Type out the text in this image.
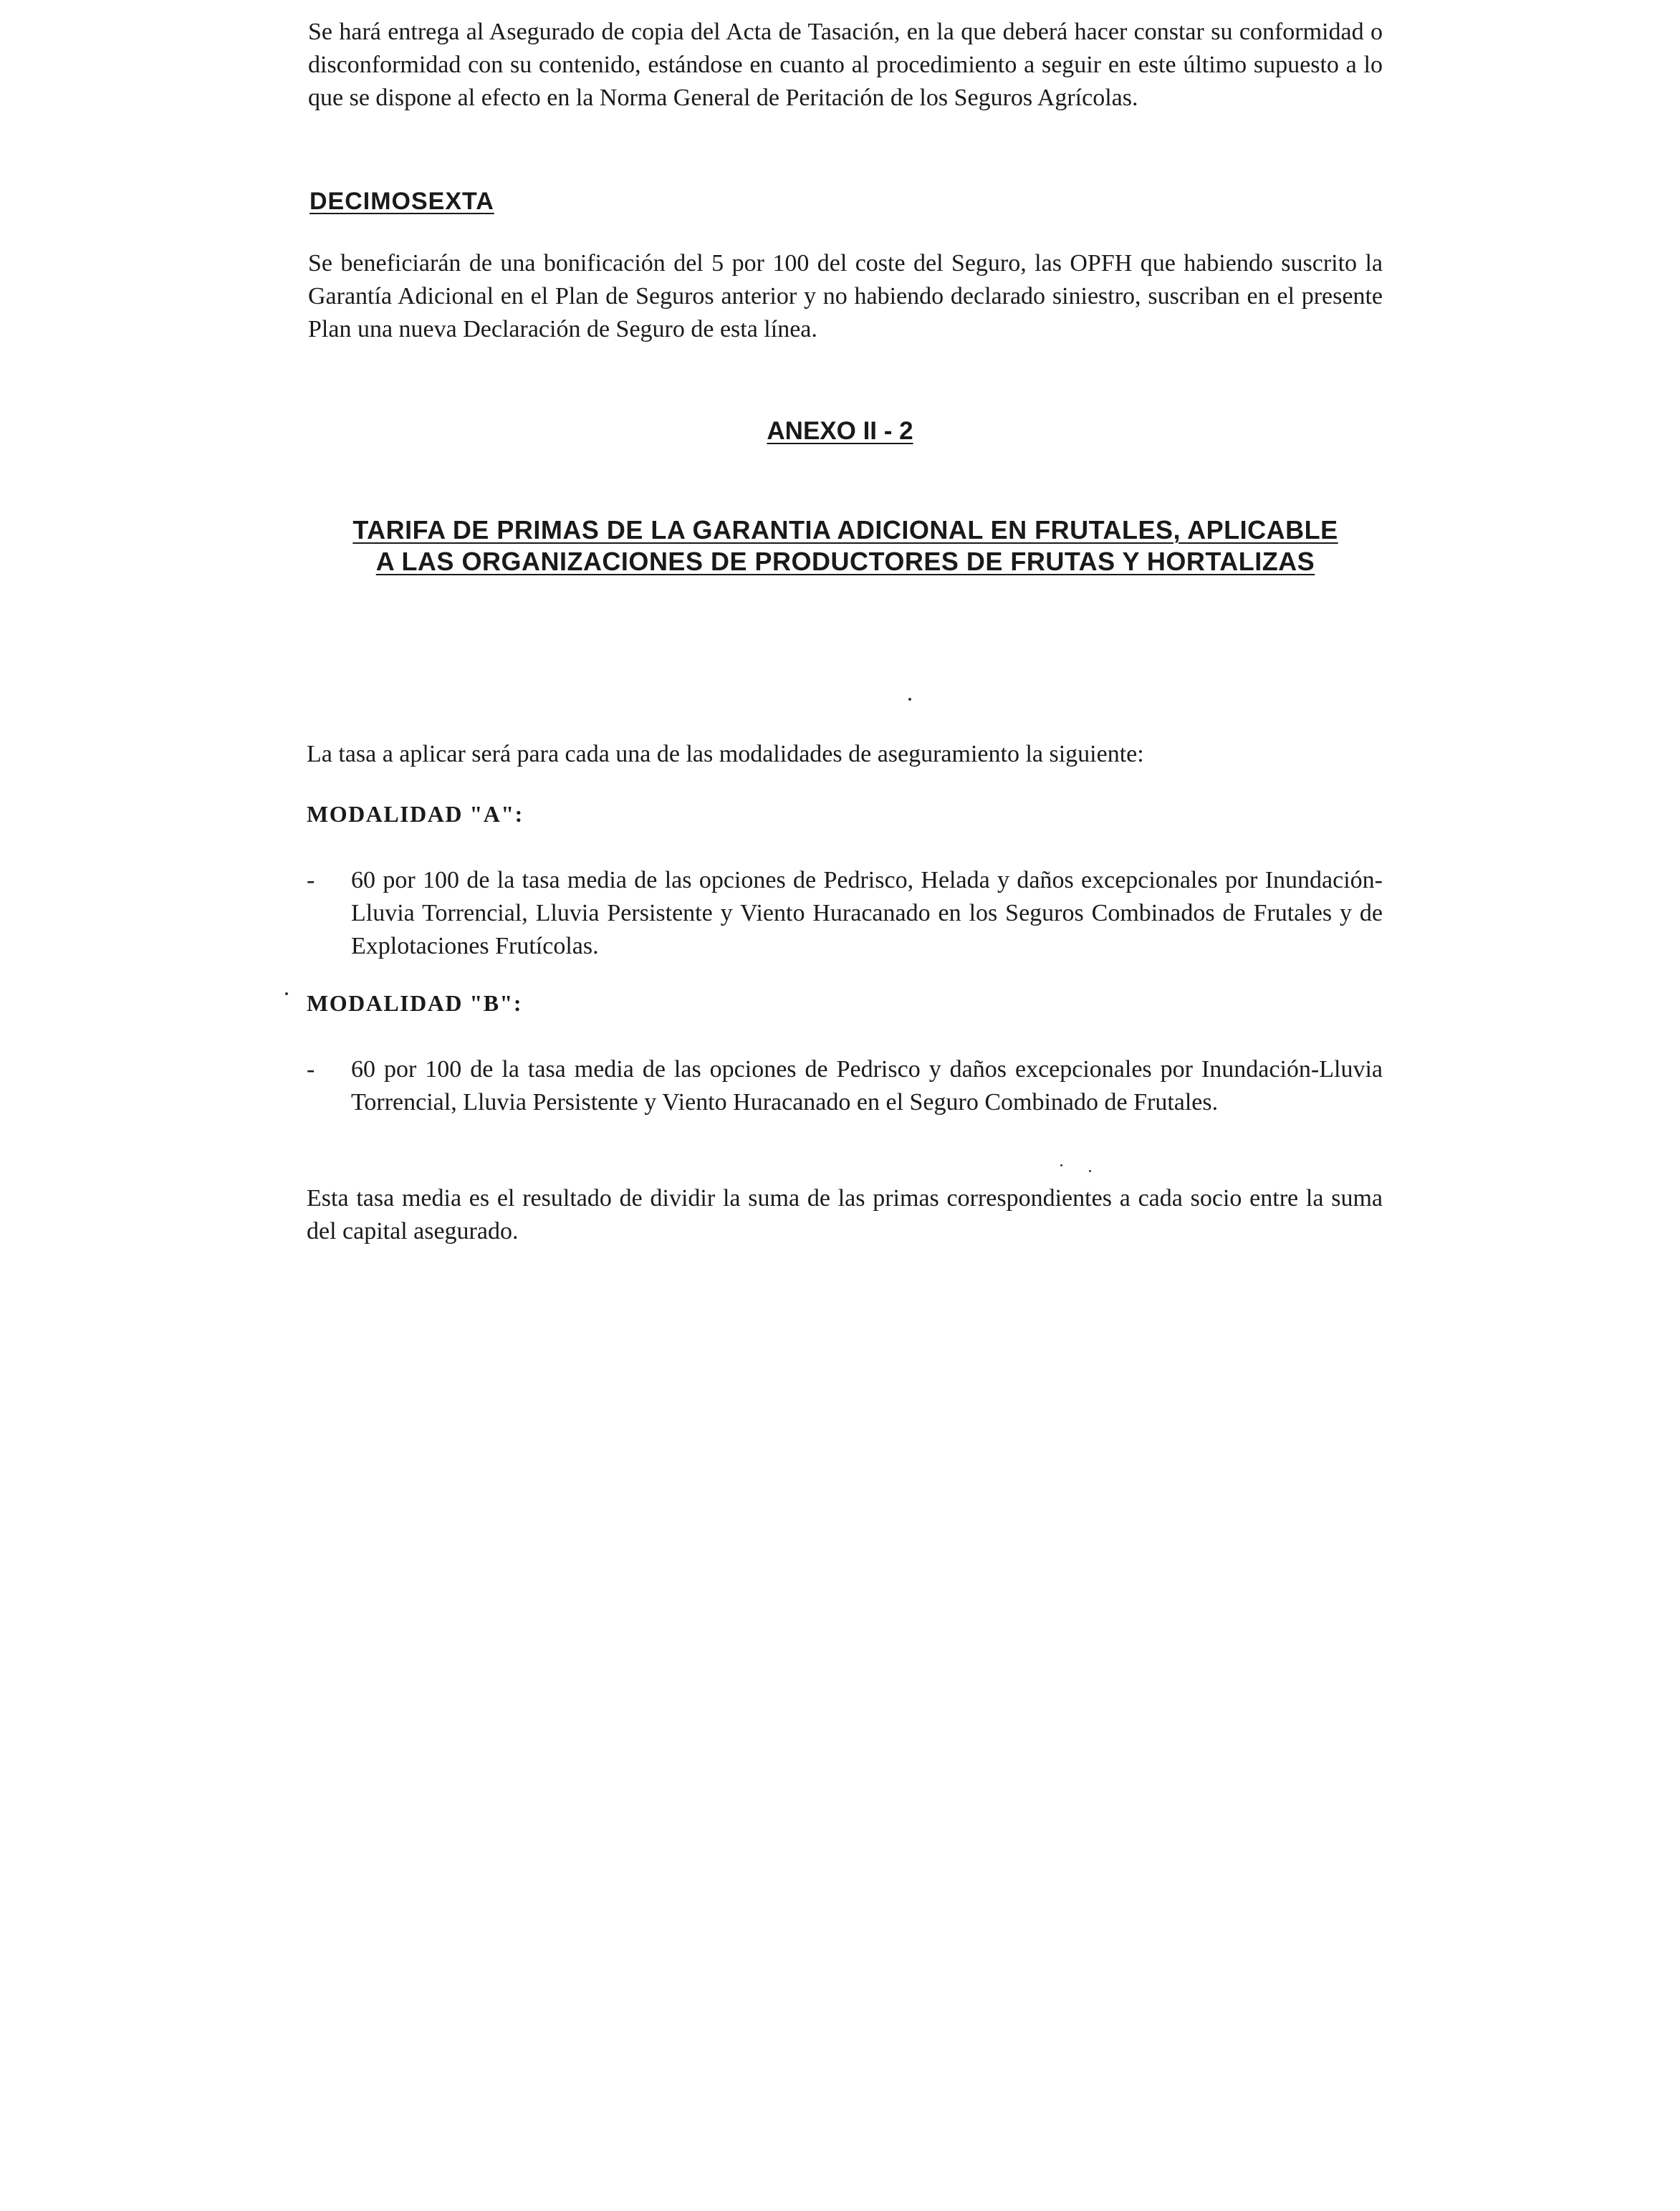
Se hará entrega al Asegurado de copia del Acta de Tasación, en la que deberá hacer constar su conformidad o disconformidad con su contenido, estándose en cuanto al procedimiento a seguir en este último supuesto a lo que se dispone al efecto en la Norma General de Peritación de los Seguros Agrícolas.

DECIMOSEXTA

Se beneficiarán de una bonificación del 5 por 100 del coste del Seguro, las OPFH que habiendo suscrito la Garantía Adicional en el Plan de Seguros anterior y no habiendo declarado siniestro, suscriban en el presente Plan una nueva Declaración de Seguro de esta línea.

ANEXO II - 2
TARIFA DE PRIMAS DE LA GARANTIA ADICIONAL EN FRUTALES, APLICABLE
A LAS ORGANIZACIONES DE PRODUCTORES DE FRUTAS Y HORTALIZAS

La tasa a aplicar será para cada una de las modalidades de aseguramiento la siguiente:

MODALIDAD "A":

- 60 por 100 de la tasa media de las opciones de Pedrisco, Helada y daños excepcionales por Inundación-Lluvia Torrencial, Lluvia Persistente y Viento Huracanado en los Seguros Combinados de Frutales y de Explotaciones Frutícolas.

MODALIDAD "B":

- 60 por 100 de la tasa media de las opciones de Pedrisco y daños excepcionales por Inundación-Lluvia Torrencial, Lluvia Persistente y Viento Huracanado en el Seguro Combinado de Frutales.

Esta tasa media es el resultado de dividir la suma de las primas correspondientes a cada socio entre la suma del capital asegurado.
